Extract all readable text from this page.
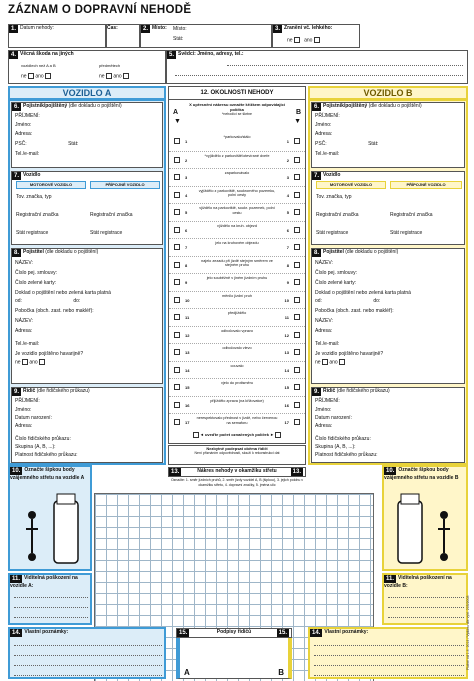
ZÁZNAM O DOPRAVNÍ NEHODĚ
1. Datum nehody:	Čas:	2. Místo:	Místo:
Stát:
3. Zranění vč. lehkého:
ne ano
4. Věcná škoda na jiných
vozidlech než A a B	předmětech
ne ano	ne ano
5. Svědci: Jméno, adresy, tel.:
VOZIDLO A	VOZIDLO B
6. Pojistník/pojištěný (dle dokladu o pojištění)
PŘÍJMENÍ:
Jméno:
Adresa:
PSČ:	Stát:
Tel./e-mail:
7. Vozidlo
MOTOROVÉ VOZIDLO	PŘÍPOJNÉ VOZIDLO
Tov. značka, typ
Registrační značka	Registrační značka
Stát registrace	Stát registrace
8. Pojistitel (dle dokladu o pojištění)
NÁZEV:
Číslo pej. smlouvy:
Číslo zelené karty:
Doklad o pojištění nebo zelená karta platná
od:	do:
Pobočka (obch. zast. nebo makléř):
NÁZEV:
Adresa:
Tel./e-mail:
Je vozidlo pojištěno havarijně?
ne ano
9. Řidič (dle řidičského průkazu)
PŘÍJMENÍ:
Jméno:
Datum narození:
Adresa:
Číslo řidičského průkazu:
Skupina (A, B, ...):
Platnost řidičského průkazu:
6. Pojistník/pojištěný (dle dokladu o pojištění)
PŘÍJMENÍ:
Jméno:
Adresa:
PSČ:	Stát:
Tel./e-mail:
7. Vozidlo
MOTOROVÉ VOZIDLO	PŘÍPOJNÉ VOZIDLO
Tov. značka, typ
Registrační značka	Registrační značka
Stát registrace	Stát registrace
8. Pojistitel (dle dokladu o pojištění)
NÁZEV:
Číslo pej. smlouvy:
Číslo zelené karty:
Doklad o pojištění nebo zelená karta platná
od:	do:
Pobočka (obch. zast. nebo makléř):
NÁZEV:
Adresa:
Tel./e-mail:
Je vozidlo pojištěno havarijně?
ne ano
9. Řidič (dle řidičského průkazu)
PŘÍJMENÍ:
Jméno:
Datum narození:
Adresa:
Číslo řidičského průkazu:
Skupina (A, B, ...):
Platnost řidičského průkazu:
12. OKOLNOSTI NEHODY
X upřesnění nákresu označte křížkem odpovídající políčka
*nehodící se škrtne
A	B
▼	▼
1
*parkovalo/stálo
1
2
*vyjíždělo z parkoviště/otevírané dveře
2
3
zaparkovávalo
3
4
vyjíždělo z parkoviště, soukromého pozemku, polní cesty	4
5
vjíždělo na parkoviště, soukr. pozemek, polní cestu	5
6
vjíždělo na kruh. objezd
6
7
jelo na kruhovém objezdu
7
8
najelo zezadu při jízdě stejným směrem ve stejném pruhu	8
9
jelo souběžně v jiném jízdním pruhu
9
10
měnilo jízdní pruh
10
11
předjíždělo
11
12
odbočovalo vpravo
12
13
odbočovalo vlevo
13
14
couvalo
14
15
vjelo do protisměru
15
16
přijíždělo zprava (na křižovatce)
16
17
nerespektovalo přednost v jízdě, nebo červenou na semaforu	17
◄ uveďte počet označených políček ►
Nezbytně podepsat oběma řidiči
Není přiznáním odpovědnosti, slouží k rekonstrukci dat
13.	Nákres nehody v okamžiku střetu	13.
Označte: 1. směr jízdních pruhů, 2. směr jízdy vozidel A, B (šipkou), 3. jejich polohu v okamžiku střetu, 4. dopravní značky, 5. jména ulic
10. Označte šipkou body vzájemného střetu na vozidle A
10. Označte šipkou body vzájemného střetu na vozidle B
11. Viditelná poškození na vozidle A:
11. Viditelná poškození na vozidle B:
14. Vlastní poznámky:	14. Vlastní poznámky:
15.	Podpisy řidičů	15.
A	B
Platné od 1.4. 2014 / Vydáno dle vyhl. 205/2008
